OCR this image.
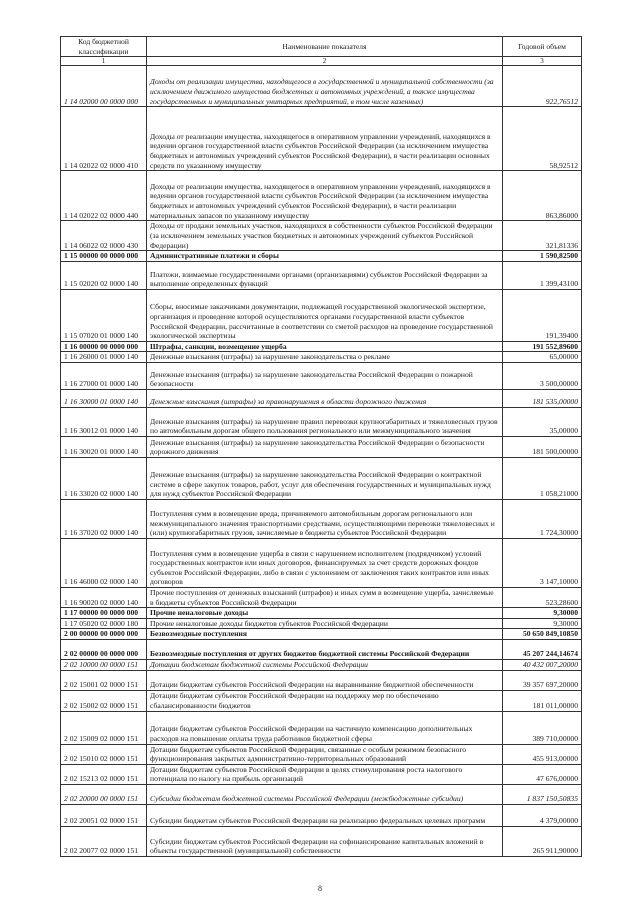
Код бюджетной классификации	Наименование показателя	Годовой объем
1	2	3
1 14 02000 00 0000 000	Доходы от реализации имущества, находящегося в государственной и муниципальной собственности (за исключением движимого имущества бюджетных и автономных учреждений, а также имущества государственных и муниципальных унитарных предприятий, в том числе казенных)	922,76512
1 14 02022 02 0000 410	Доходы от реализации имущества, находящегося в оперативном управлении учреждений, находящихся в ведении органов государственной власти субъектов Российской Федерации (за исключением имущества бюджетных и автономных учреждений субъектов Российской Федерации), в части реализации основных средств по указанному имуществу	58,92512
1 14 02022 02 0000 440	Доходы от реализации имущества, находящегося в оперативном управлении учреждений, находящихся в ведении органов государственной власти субъектов Российской Федерации (за исключением имущества бюджетных и автономных учреждений субъектов Российской Федерации), в части реализации материальных запасов по указанному имуществу	863,86000
1 14 06022 02 0000 430	Доходы от продажи земельных участков, находящихся в собственности субъектов Российской Федерации (за исключением земельных участков бюджетных и автономных учреждений субъектов Российской Федерации)	321,81336
1 15 00000 00 0000 000	Административные платежи и сборы	1 590,82500
1 15 02020 02 0000 140	Платежи, взимаемые государственными органами (организациями) субъектов Российской Федерации за выполнение определенных функций	1 399,43100
1 15 07020 01 0000 140	Сборы, вносимые заказчиками документации, подлежащей государственной экологической экспертизе, организация и проведение которой осуществляются органами государственной власти субъектов Российской Федерации, рассчитанные в соответствии со сметой расходов на проведение государственной экологической экспертизы	191,39400
1 16 00000 00 0000 000	Штрафы, санкции, возмещение ущерба	191 552,89600
1 16 26000 01 0000 140	Денежные взыскания (штрафы) за нарушение законодательства о рекламе	65,00000
1 16 27000 01 0000 140	Денежные взыскания (штрафы) за нарушение законодательства Российской Федерации о пожарной безопасности	3 500,00000
1 16 30000 01 0000 140	Денежные взыскания (штрафы) за правонарушения в области дорожного движения	181 535,00000
1 16 30012 01 0000 140	Денежные взыскания (штрафы) за нарушение правил перевозки крупногабаритных и тяжеловесных грузов по автомобильным дорогам общего пользования регионального или межмуниципального значения	35,00000
1 16 30020 01 0000 140	Денежные взыскания (штрафы) за нарушение законодательства Российской Федерации о безопасности дорожного движения	181 500,00000
1 16 33020 02 0000 140	Денежные взыскания (штрафы) за нарушение законодательства Российской Федерации о контрактной системе в сфере закупок товаров, работ, услуг для обеспечения государственных и муниципальных нужд для нужд субъектов Российской Федерации	1 058,21000
1 16 37020 02 0000 140	Поступления сумм в возмещение вреда, причиняемого автомобильным дорогам регионального или межмуниципального значения транспортными средствами, осуществляющими перевозки тяжеловесных и (или) крупногабаритных грузов, зачисляемые в бюджеты субъектов Российской Федерации	1 724,30000
1 16 46000 02 0000 140	Поступления сумм в возмещение ущерба в связи с нарушением исполнителем (подрядчиком) условий государственных контрактов или иных договоров, финансируемых за счет средств дорожных фондов субъектов Российской Федерации, либо в связи с уклонением от заключения таких контрактов или иных договоров	3 147,10000
1 16 90020 02 0000 140	Прочие поступления от денежных взысканий (штрафов) и иных сумм в возмещение ущерба, зачисляемые в бюджеты субъектов Российской Федерации	523,28600
1 17 00000 00 0000 000	Прочие неналоговые доходы	9,30000
1 17 05020 02 0000 180	Прочие неналоговые доходы бюджетов субъектов Российской Федерации	9,30000
2 00 00000 00 0000 000	Безвозмездные поступления	50 650 849,10850
2 02 00000 00 0000 000	Безвозмездные поступления от других бюджетов бюджетной системы Российской Федерации	45 207 244,14674
2 02 10000 00 0000 151	Дотации бюджетам бюджетной системы Российской Федерации	40 432 007,20000
2 02 15001 02 0000 151	Дотации бюджетам субъектов Российской Федерации на выравнивание бюджетной обеспеченности	39 357 697,20000
2 02 15002 02 0000 151	Дотации бюджетам субъектов Российской Федерации на поддержку мер по обеспечению сбалансированности бюджетов	181 011,00000
2 02 15009 02 0000 151	Дотации бюджетам субъектов Российской Федерации на частичную компенсацию дополнительных расходов на повышение оплаты труда работников бюджетной сферы	389 710,00000
2 02 15010 02 0000 151	Дотации бюджетам субъектов Российской Федерации, связанные с особым режимом безопасного функционирования закрытых административно-территориальных образований	455 913,00000
2 02 15213 02 0000 151	Дотации бюджетам субъектов Российской Федерации в целях стимулирования роста налогового потенциала по налогу на прибыль организаций	47 676,00000
2 02 20000 00 0000 151	Субсидии бюджетам бюджетной системы Российской Федерации (межбюджетные субсидии)	1 837 150,50835
2 02 20051 02 0000 151	Субсидии бюджетам субъектов Российской Федерации на реализацию федеральных целевых программ	4 379,00000
2 02 20077 02 0000 151	Субсидии бюджетам субъектов Российской Федерации на софинансирование капитальных вложений в объекты государственной (муниципальной) собственности	265 911,90000
8
